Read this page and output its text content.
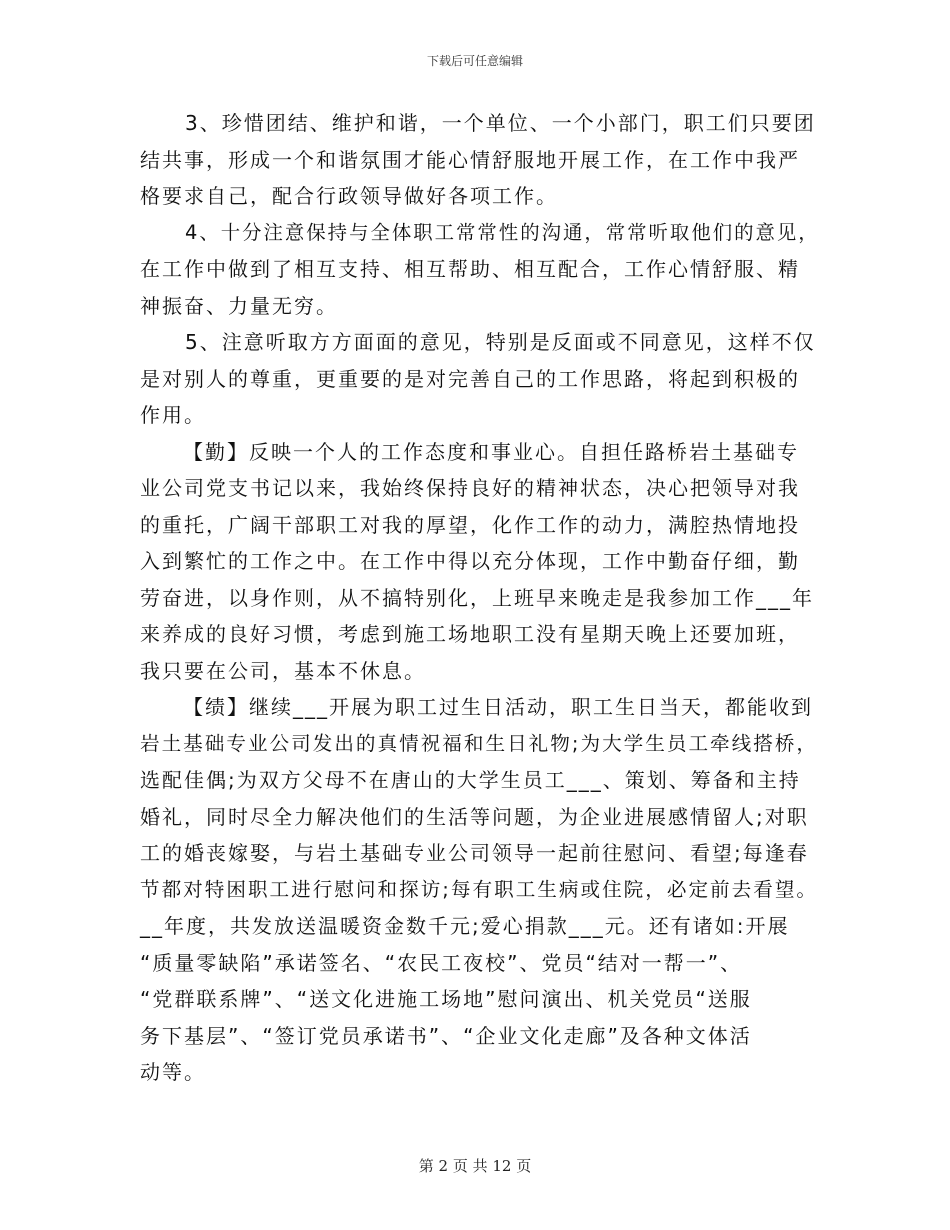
下载后可任意编辑
3、珍惜团结、维护和谐，一个单位、一个小部门，职工们只要团
结共事，形成一个和谐氛围才能心情舒服地开展工作，在工作中我严
格要求自己，配合行政领导做好各项工作。
4、十分注意保持与全体职工常常性的沟通，常常听取他们的意见，
在工作中做到了相互支持、相互帮助、相互配合，工作心情舒服、精
神振奋、力量无穷。
5、注意听取方方面面的意见，特别是反面或不同意见，这样不仅
是对别人的尊重，更重要的是对完善自己的工作思路，将起到积极的
作用。
【勤】反映一个人的工作态度和事业心。自担任路桥岩土基础专
业公司党支书记以来，我始终保持良好的精神状态，决心把领导对我
的重托，广阔干部职工对我的厚望，化作工作的动力，满腔热情地投
入到繁忙的工作之中。在工作中得以充分体现，工作中勤奋仔细，勤
劳奋进，以身作则，从不搞特别化，上班早来晚走是我参加工作___年
来养成的良好习惯，考虑到施工场地职工没有星期天晚上还要加班，
我只要在公司，基本不休息。
【绩】继续___开展为职工过生日活动，职工生日当天，都能收到
岩土基础专业公司发出的真情祝福和生日礼物;为大学生员工牵线搭桥，
选配佳偶;为双方父母不在唐山的大学生员工___、策划、筹备和主持
婚礼，同时尽全力解决他们的生活等问题，为企业进展感情留人;对职
工的婚丧嫁娶，与岩土基础专业公司领导一起前往慰问、看望;每逢春
节都对特困职工进行慰问和探访;每有职工生病或住院，必定前去看望。
__年度，共发放送温暖资金数千元;爱心捐款___元。还有诸如:开展
“质量零缺陷”承诺签名、“农民工夜校”、党员“结对一帮一”、
“党群联系牌”、“送文化进施工场地”慰问演出、机关党员“送服
务下基层”、“签订党员承诺书”、“企业文化走廊”及各种文体活
动等。
第 2 页 共 12 页
